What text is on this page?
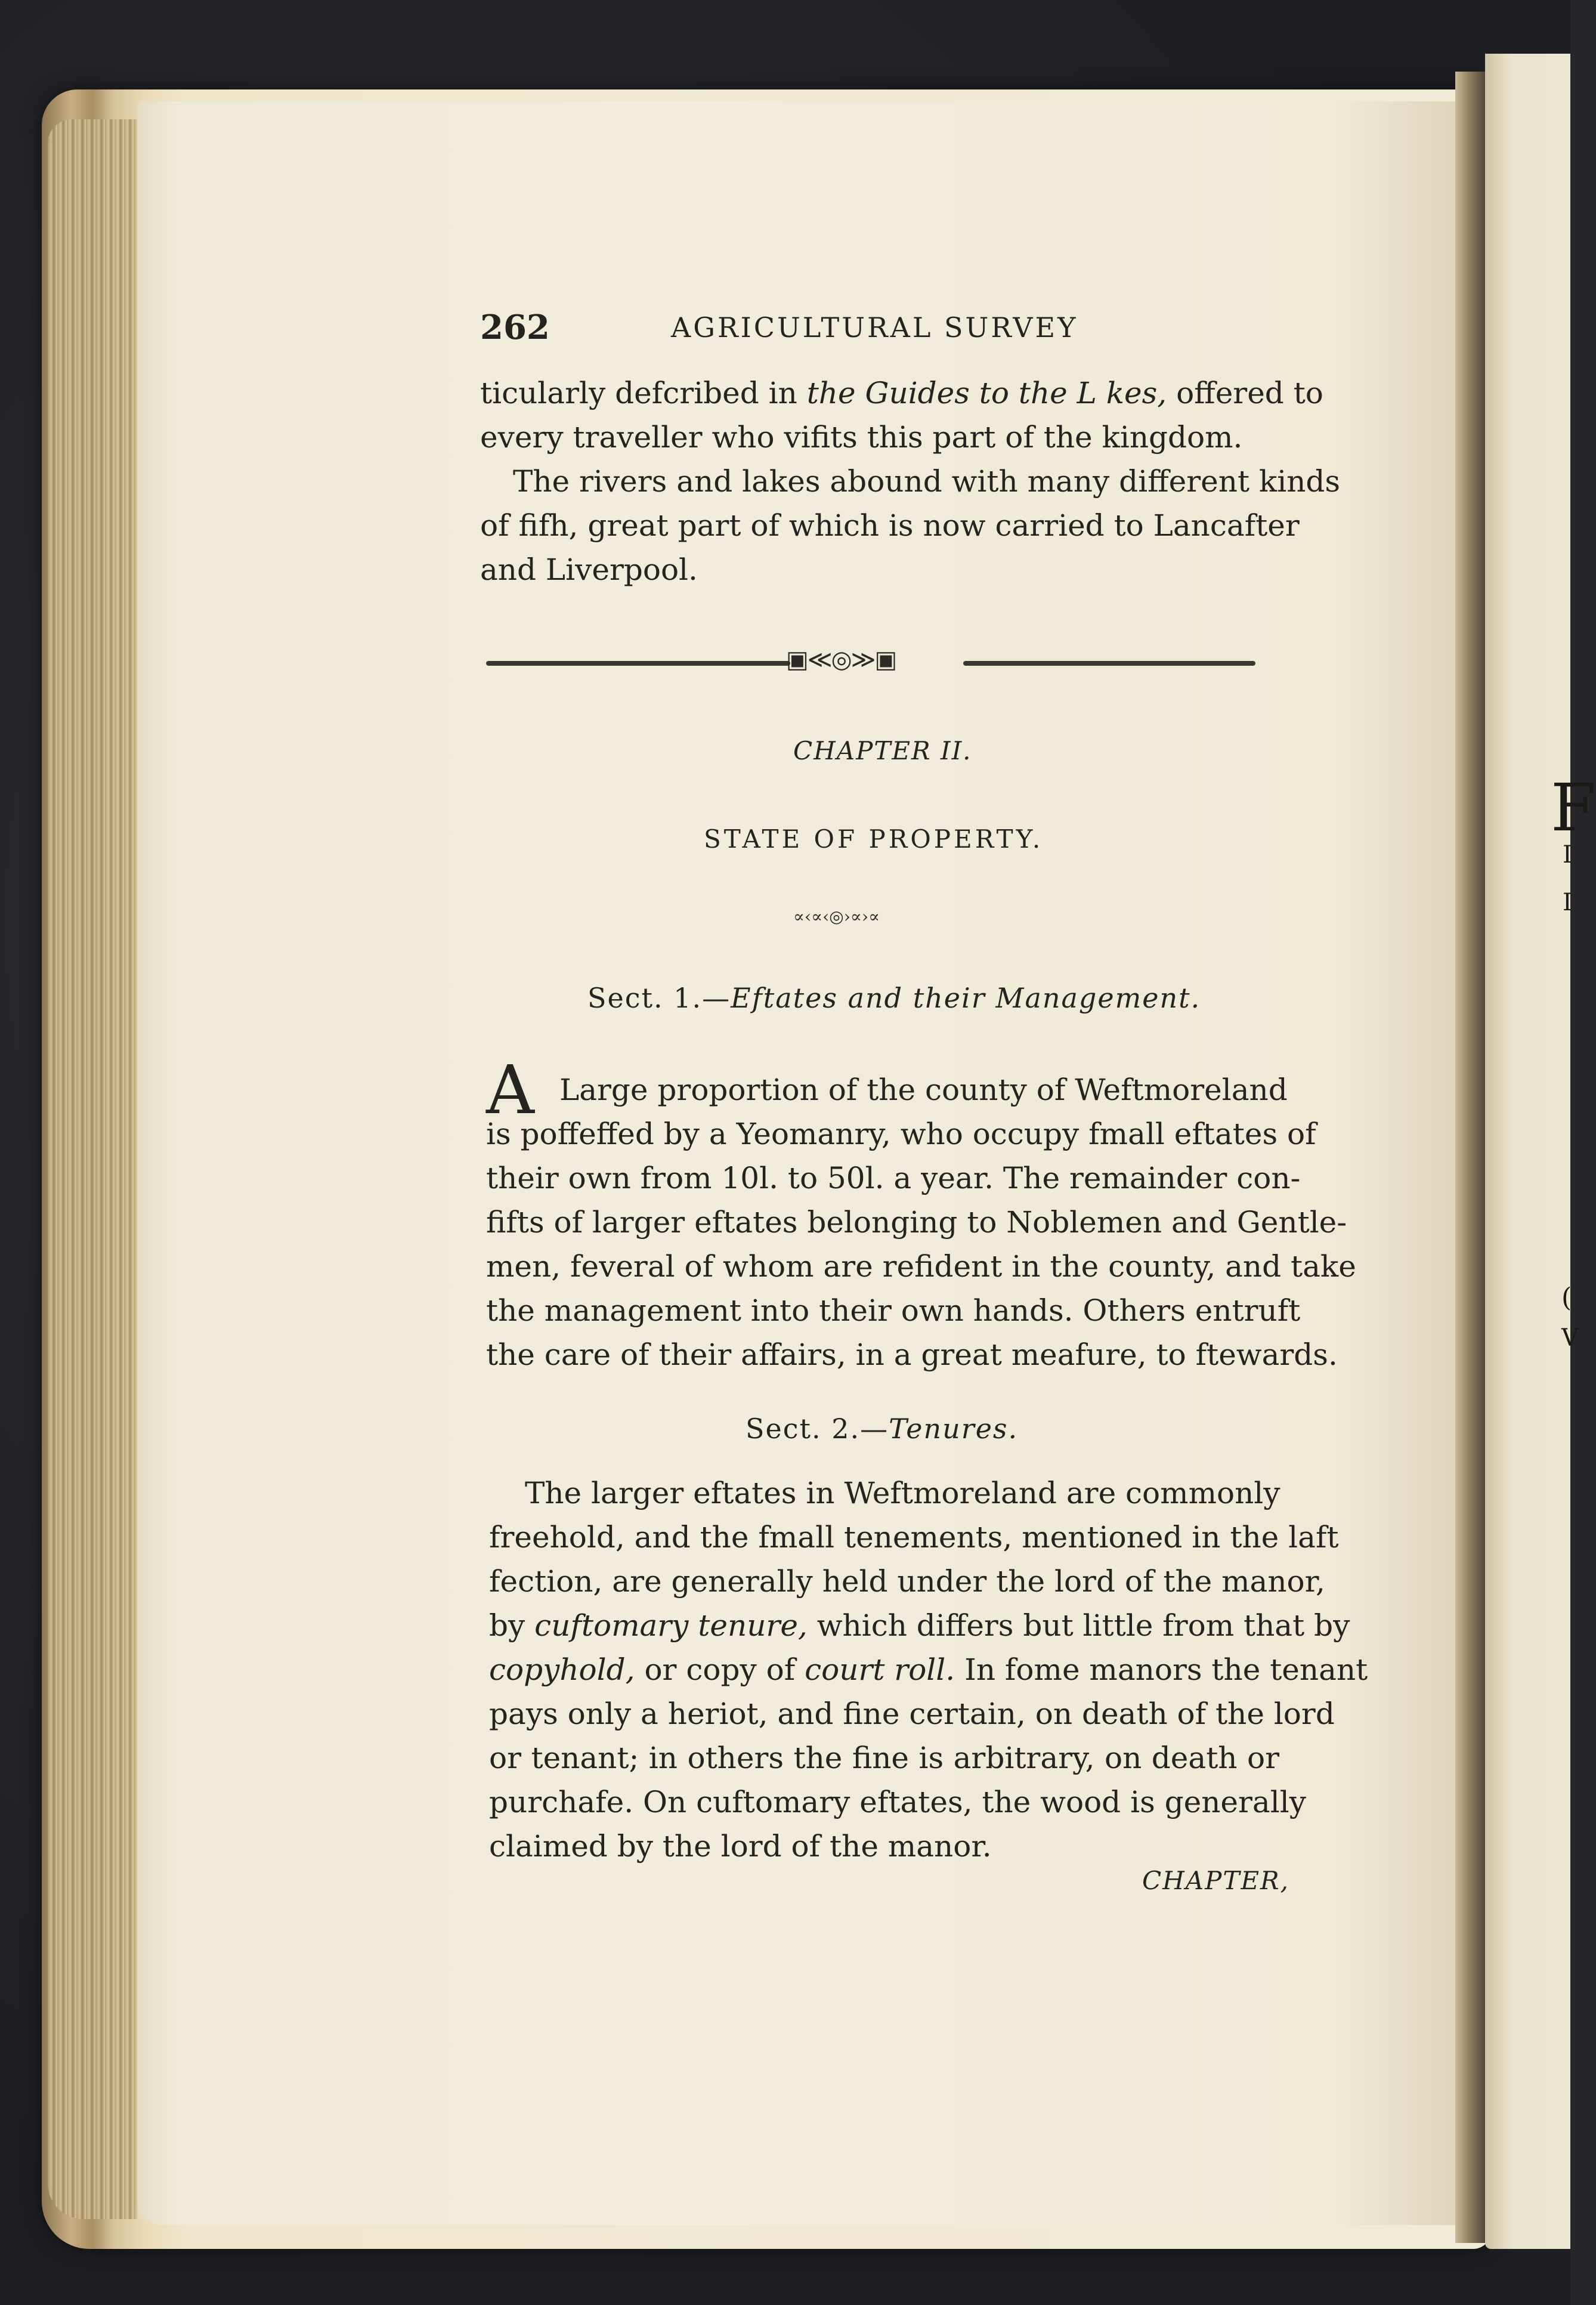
F
I
I
(
V
262	AGRICULTURAL SURVEY
ticularly defcribed in the Guides to the L kes, offered to
every traveller who vifits this part of the kingdom.
The rivers and lakes abound with many different kinds
of fifh, great part of which is now carried to Lancafter
and Liverpool.
▣≪◎≫▣
CHAPTER II.
STATE OF PROPERTY.
∝‹∝‹◎›∝›∝
Sect. 1.—Eftates and their Management.
A Large proportion of the county of Weftmoreland
is poffeffed by a Yeomanry, who occupy fmall eftates of
their own from 10l. to 50l. a year. The remainder con-
fifts of larger eftates belonging to Noblemen and Gentle-
men, feveral of whom are refident in the county, and take
the management into their own hands. Others entruft
the care of their affairs, in a great meafure, to ftewards.
Sect. 2.—Tenures.
The larger eftates in Weftmoreland are commonly
freehold, and the fmall tenements, mentioned in the laft
fection, are generally held under the lord of the manor,
by cuftomary tenure, which differs but little from that by
copyhold, or copy of court roll. In fome manors the tenant
pays only a heriot, and fine certain, on death of the lord
or tenant; in others the fine is arbitrary, on death or
purchafe. On cuftomary eftates, the wood is generally
claimed by the lord of the manor.
CHAPTER,
